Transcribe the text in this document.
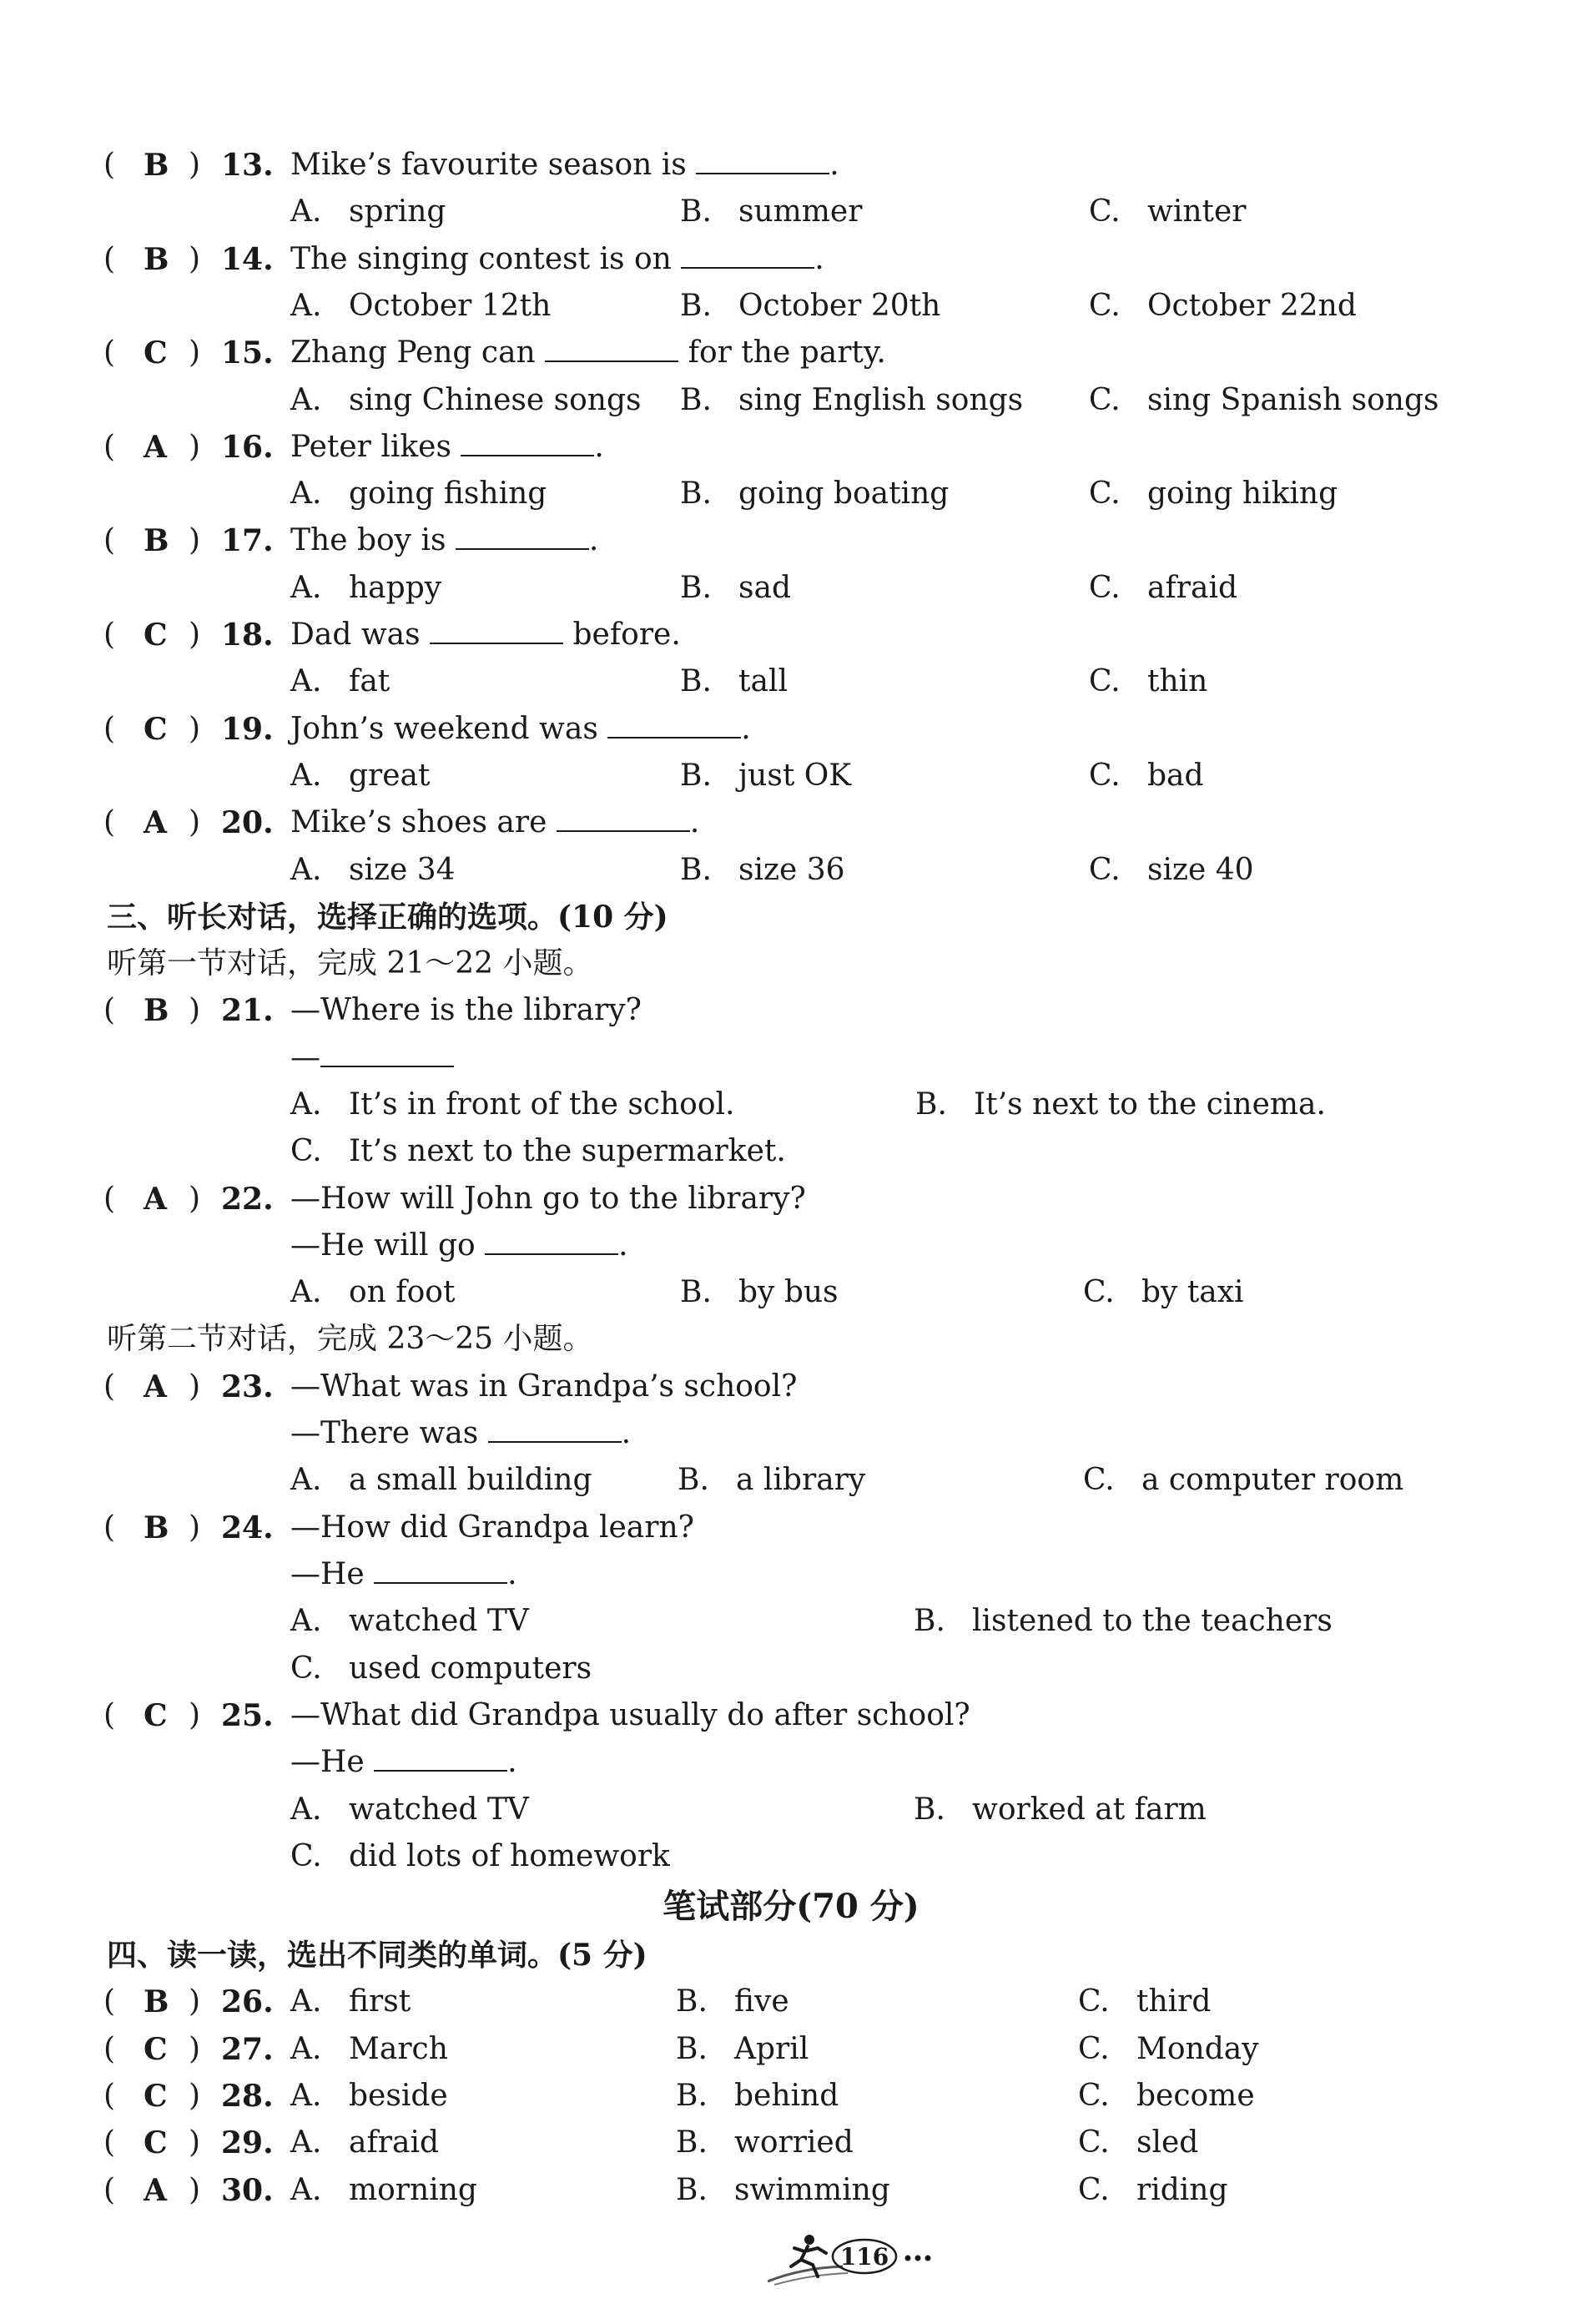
( B ) 13. Mike’s favourite season is	.
A. spring	B. summer	C. winter
( B ) 14. The singing contest is on	.
A. October 12th	B. October 20th	C. October 22nd
( C ) 15. Zhang Peng can	for the party.
A. sing Chinese songs B. sing English songs C. sing Spanish songs
( A ) 16. Peter likes	.
A. going fishing	B. going boating	C. going hiking
( B ) 17. The boy is	.
A. happy	B. sad	C. afraid
( C ) 18. Dad was	before.
A. fat	B. tall	C. thin
( C ) 19. John’s weekend was	.
A. great	B. just OK	C. bad
( A ) 20. Mike’s shoes are	.
A. size 34	B. size 36	C. size 40
三、听长对话，选择正确的选项。(10 分)
听第一节对话，完成 21～22 小题。
( B ) 21. —Where is the library?
—
A. It’s in front of the school.	B. It’s next to the cinema.
C. It’s next to the supermarket.
( A ) 22. —How will John go to the library?
—He will go	.
A. on foot	B. by bus	C. by taxi
听第二节对话，完成 23～25 小题。
( A ) 23. —What was in Grandpa’s school?
—There was	.
A. a small building	B. a library	C. a computer room
( B ) 24. —How did Grandpa learn?
—He	.
A. watched TV	B. listened to the teachers
C. used computers
( C ) 25. —What did Grandpa usually do after school?
—He	.
A. watched TV	B. worked at farm
C. did lots of homework
笔试部分(70 分)
四、读一读，选出不同类的单词。(5 分)
( B ) 26. A. first	B. five	C. third
( C ) 27. A. March	B. April	C. Monday
( C ) 28. A. beside	B. behind	C. become
( C ) 29. A. afraid	B. worried	C. sled
( A ) 30. A. morning	B. swimming	C. riding
116
